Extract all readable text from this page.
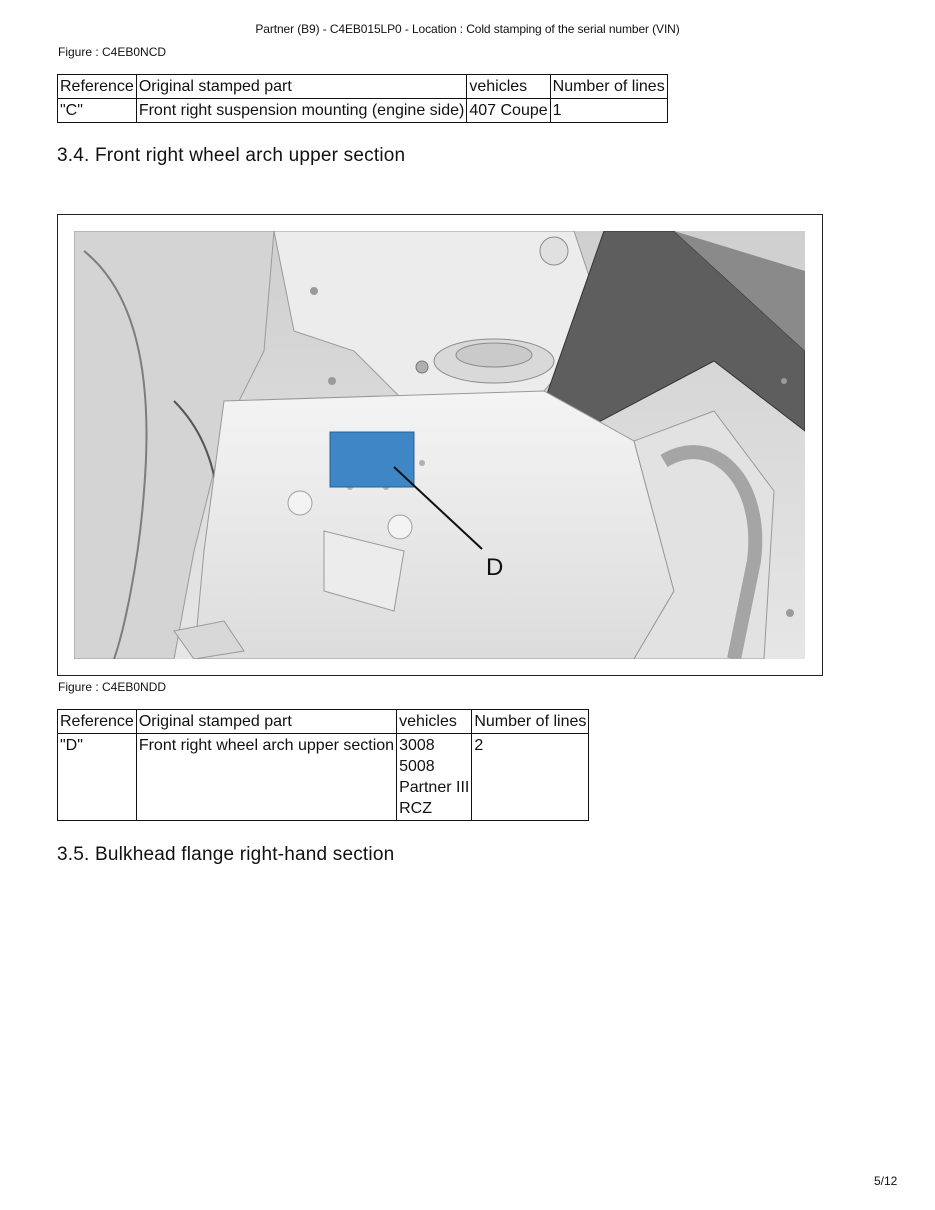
Partner (B9) - C4EB015LP0 - Location : Cold stamping of the serial number (VIN)
Figure : C4EB0NCD
Reference	Original stamped part	vehicles	Number of lines
"C"	Front right suspension mounting (engine side)	407 Coupe	1
3.4. Front right wheel arch upper section
D
Figure : C4EB0NDD
Reference	Original stamped part	vehicles	Number of lines
"D"	Front right wheel arch upper section	3008
5008
Partner III
RCZ	2
3.5. Bulkhead flange right-hand section
5/12
